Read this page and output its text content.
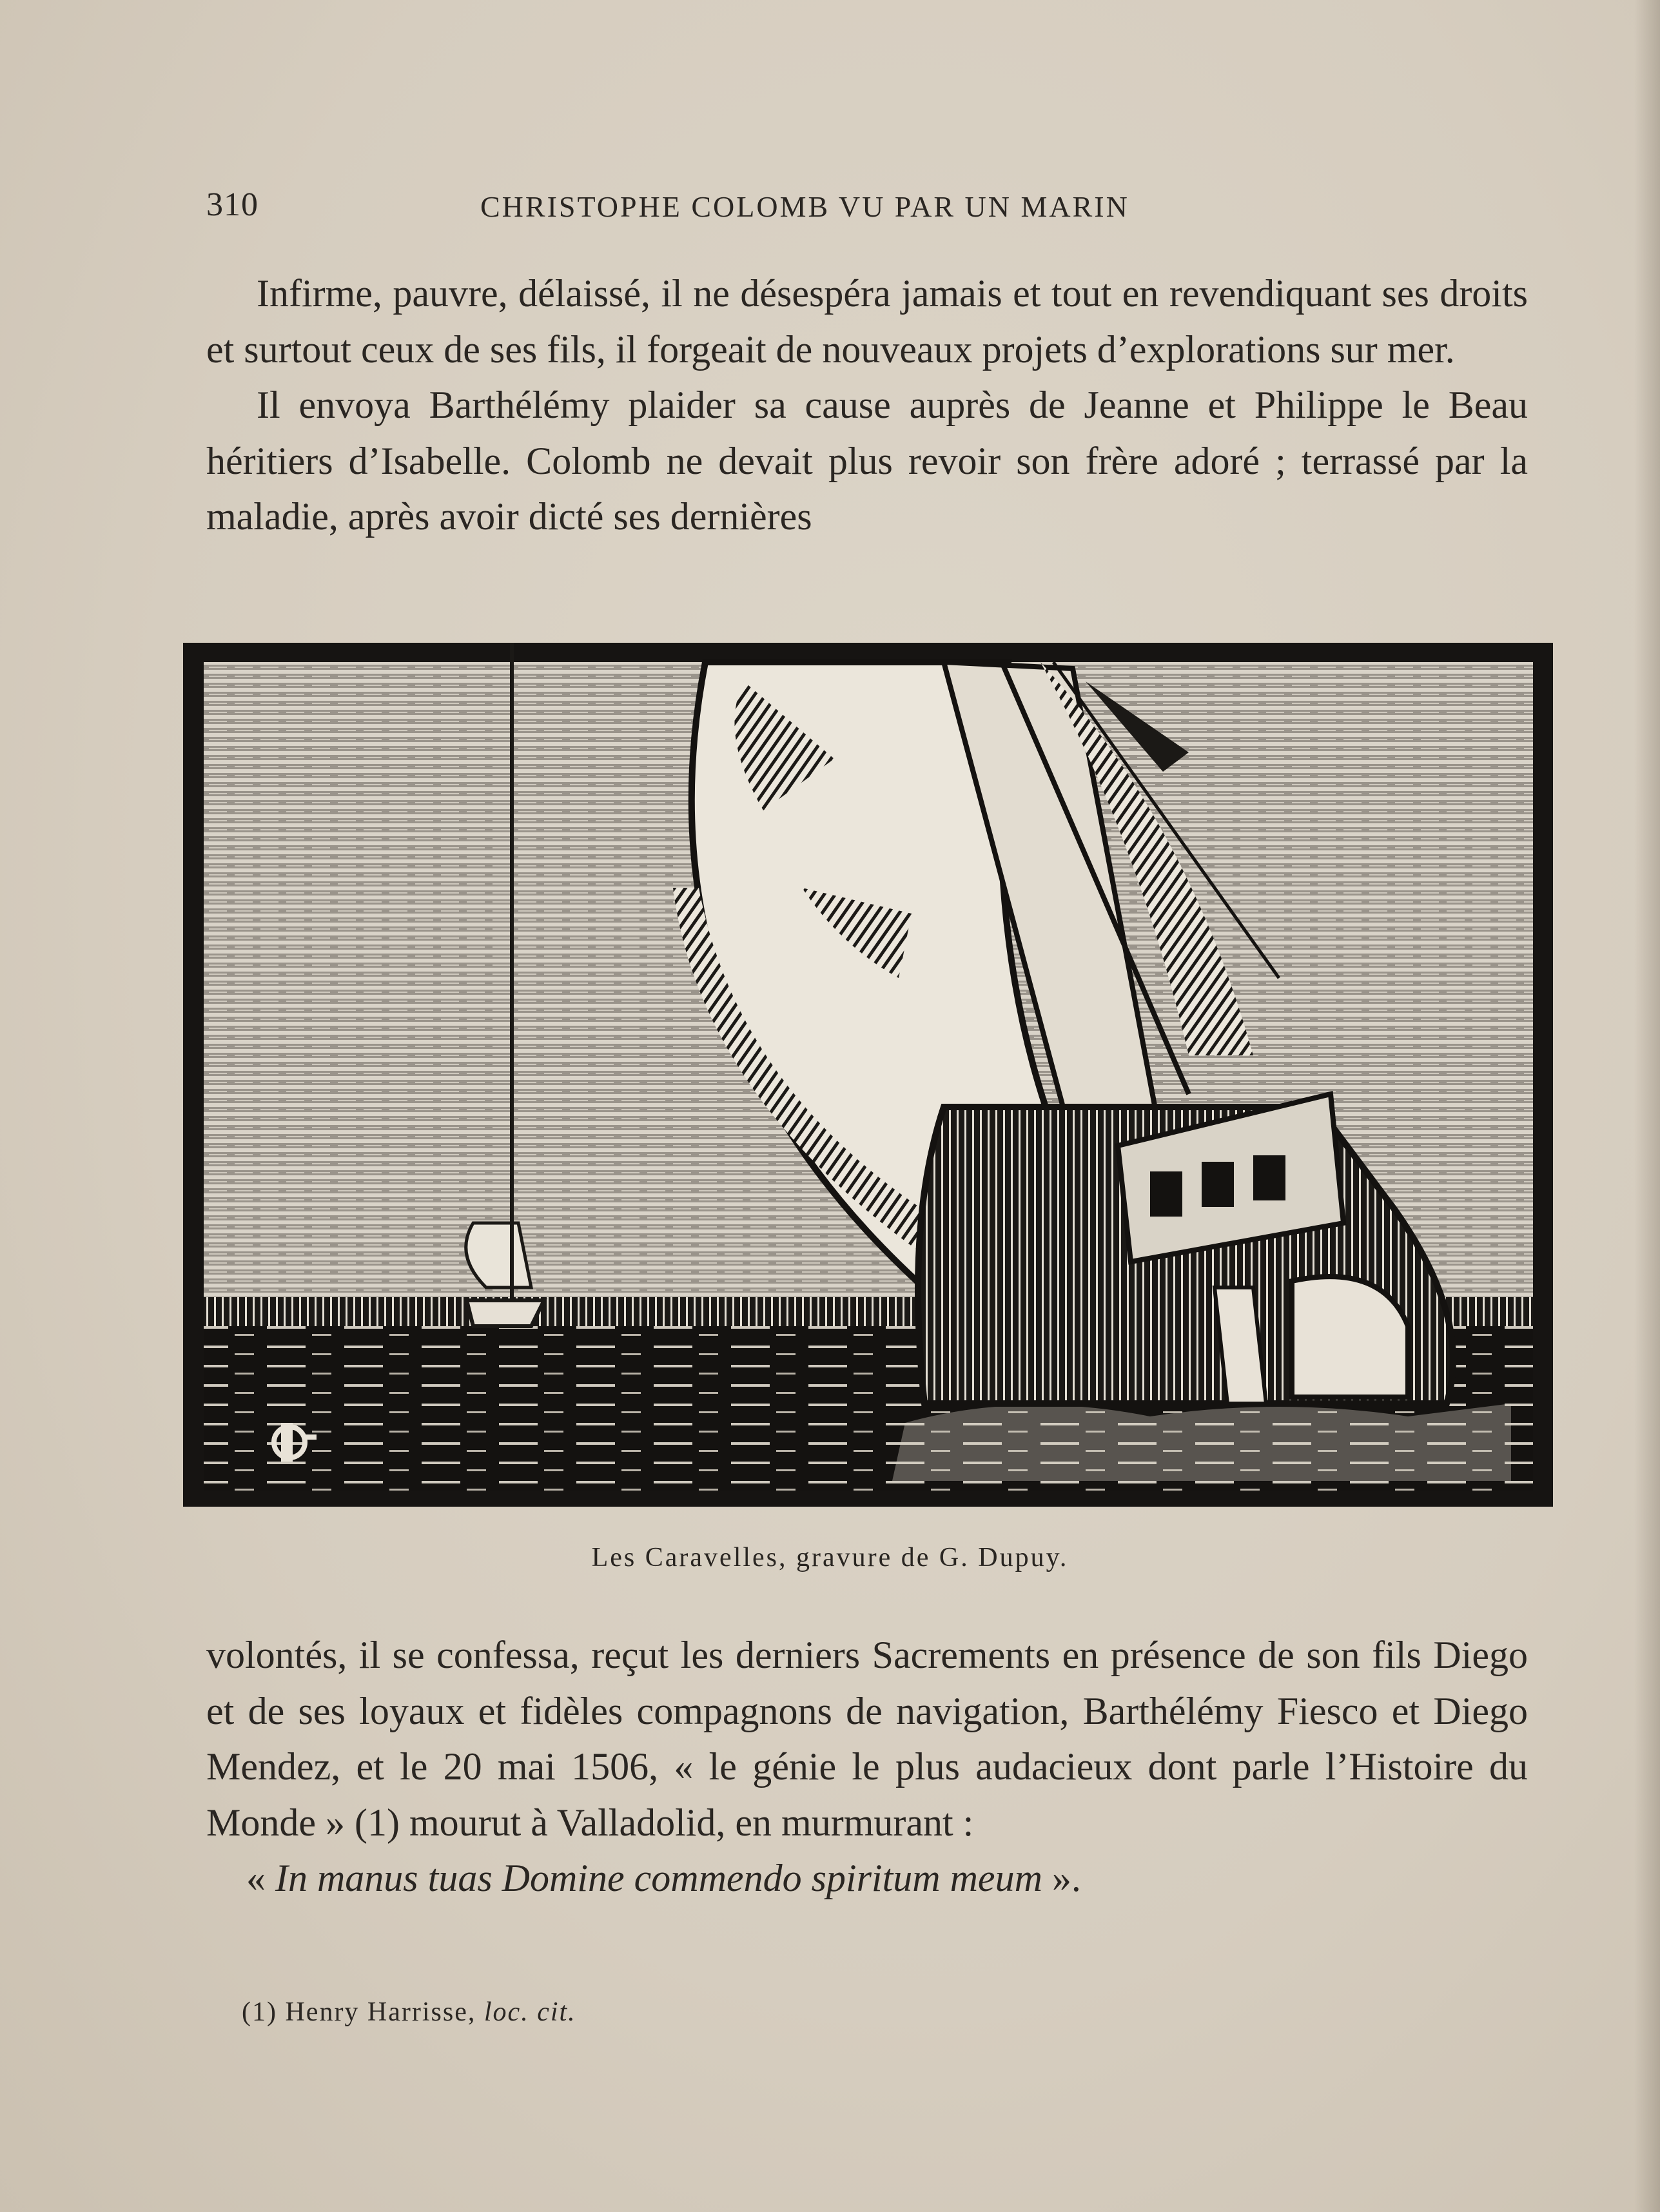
310	CHRISTOPHE COLOMB VU PAR UN MARIN

Infirme, pauvre, délaissé, il ne désespéra jamais et tout en revendiquant ses droits et surtout ceux de ses fils, il forgeait de nouveaux projets d’explorations sur mer.

Il envoya Barthélémy plaider sa cause auprès de Jeanne et Philippe le Beau héritiers d’Isabelle. Colomb ne devait plus revoir son frère adoré ; terrassé par la maladie, après avoir dicté ses dernières

Les Caravelles, gravure de G. Dupuy.

volontés, il se confessa, reçut les derniers Sacrements en présence de son fils Diego et de ses loyaux et fidèles compagnons de navigation, Barthélémy Fiesco et Diego Mendez, et le 20 mai 1506, « le génie le plus audacieux dont parle l’Histoire du Monde » (1) mourut à Valladolid, en murmurant :

« In manus tuas Domine commendo spiritum meum ».

(1) Henry Harrisse, loc. cit.
